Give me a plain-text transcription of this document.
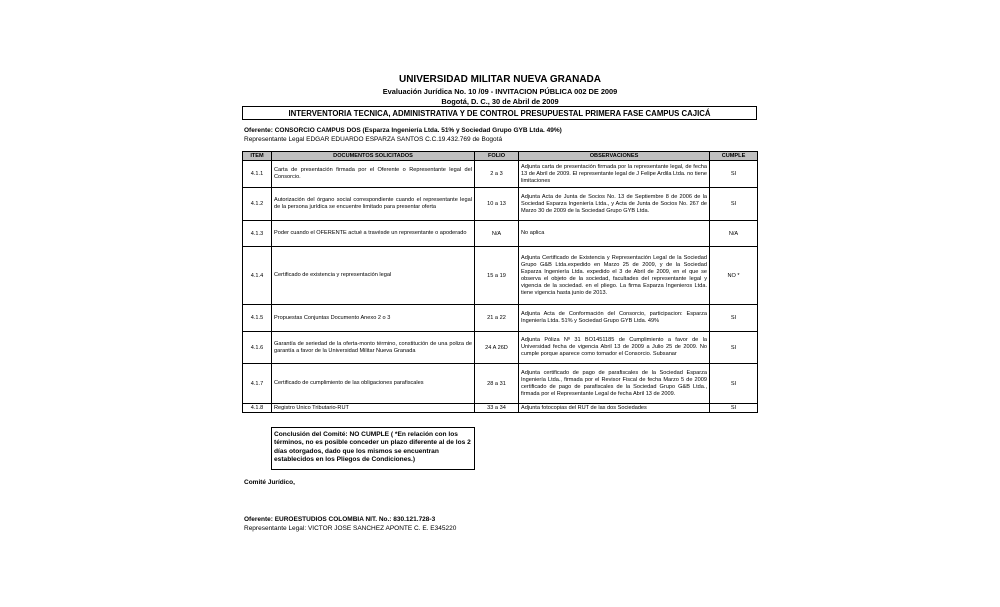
UNIVERSIDAD MILITAR NUEVA GRANADA
Evaluación Jurídica No. 10 /09 - INVITACION PÚBLICA 002 DE 2009
Bogotá, D. C., 30 de Abril de 2009
INTERVENTORIA TECNICA, ADMINISTRATIVA Y DE CONTROL PRESUPUESTAL PRIMERA FASE CAMPUS CAJICÁ
Oferente: CONSORCIO CAMPUS DOS (Esparza Ingeniería Ltda. 51% y Sociedad Grupo GYB Ltda. 49%)
Representante Legal EDGAR EDUARDO ESPARZA SANTOS C.C.19.432.769 de Bogotá
ITEM	DOCUMENTOS SOLICITADOS	FOLIO	OBSERVACIONES	CUMPLE
4.1.1	Carta de presentación firmada por el Oferente o Representante legal del Consorcio.	2 a 3	Adjunta carta de presentación firmada por la representante legal, de fecha 13 de Abril de 2009. El representante legal de J Felipe Ardila Ltda. no tiene limitaciones	SI
4.1.2	Autorización del órgano social correspondiente cuando el representante legal de la persona jurídica se encuentre limitado para presentar oferta	10 a 13	Adjunta Acta de Junta de Socios No. 13 de Septiembre 8 de 2006 de la Sociedad Esparza Ingeniería Ltda., y Acta de Junta de Socios No. 267 de Marzo 30 de 2009 de la Sociedad Grupo GYB Ltda.	SI
4.1.3	Poder cuando el OFERENTE actué a travésde un representante o apoderado	N/A	No aplica	N/A
4.1.4	Certificado de existencia y representación legal	15 a 19	Adjunta Certificado de Existencia y Representación Legal de la Sociedad Grupo G&B Ltda.expedido en Marzo 25 de 2009, y de la Sociedad Esparza Ingeniería Ltda. expedido el 3 de Abril de 2009, en el que se observa el objeto de la sociedad, facultades del representante legal y vigencia de la sociedad. en el pliego. La firma Esparza Ingenieros Ltda. tiene vigencia hasta junio de 2013.	NO *
4.1.5	Propuestas Conjuntas Documento Anexo 2 o 3	21 a 22	Adjunta Acta de Conformación del Consorcio, participacion: Esparza Ingeniería Ltda. 51% y Sociedad Grupo GYB Ltda. 49%	SI
4.1.6	Garantía de seriedad de la oferta-monto término, constitución de una poliza de garantía a favor de la Universidad Militar Nueva Granada	24 A 26D	Adjunta Póliza Nº 31 BO1451185 de Cumplimiento a favor de la Universidad fecha de vigencia Abril 13 de 2009 a Julio 25 de 2009. No cumple porque aparece como tomador el Consorcio. Subsanar	SI
4.1.7	Certificado de cumplimiento de las obligaciones parafiscales	28 a 31	Adjunta certificado de pago de parafiscales de la Sociedad Esparza Ingeniería Ltda., firmada por el Revisor Fiscal de fecha Marzo 5 de 2009 certificado de pago de parafiscales de la Sociedad Grupo G&B Ltda., firmada por el Representante Legal de fecha Abril 13 de 2009.	SI
4.1.8	Registro Unico Tributario-RUT	33 a 34	Adjunta fotocopias del RUT de las dos Sociedades	SI
Conclusión del Comité: NO CUMPLE ( *En relación con los términos, no es posible conceder un plazo diferente al de los 2 días otorgados, dado que los mismos se encuentran establecidos en los Pliegos de Condiciones.)
Comité Jurídico,
Oferente: EUROESTUDIOS COLOMBIA NIT. No.: 830.121.728-3
Representante Legal: VICTOR JOSE SANCHEZ APONTE C. E. E345220
